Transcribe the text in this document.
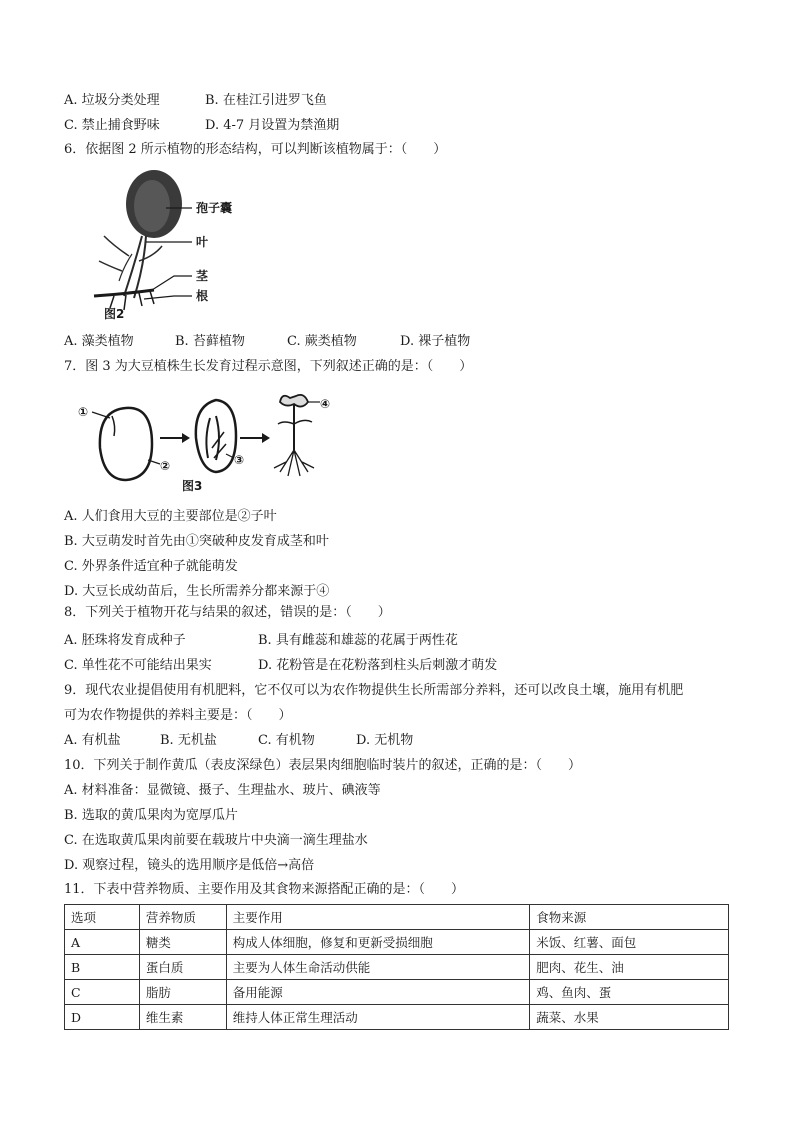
A. 垃圾分类处理	B. 在桂江引进罗飞鱼
C. 禁止捕食野味	D. 4-7 月设置为禁渔期
6．依据图 2 所示植物的形态结构，可以判断该植物属于：（　　）
孢子囊
叶
茎
根
图2
A. 藻类植物	B. 苔藓植物	C. 蕨类植物	D. 裸子植物
7．图 3 为大豆植株生长发育过程示意图，下列叙述正确的是：（　　）
①
②	③
④
图3
A. 人们食用大豆的主要部位是②子叶
B. 大豆萌发时首先由①突破种皮发育成茎和叶
C. 外界条件适宜种子就能萌发
D. 大豆长成幼苗后，生长所需养分都来源于④
8．下列关于植物开花与结果的叙述，错误的是：（　　）
A. 胚珠将发育成种子	B. 具有雌蕊和雄蕊的花属于两性花
C. 单性花不可能结出果实	D. 花粉管是在花粉落到柱头后刺激才萌发
9．现代农业提倡使用有机肥料，它不仅可以为农作物提供生长所需部分养料，还可以改良土壤，施用有机肥
可为农作物提供的养料主要是：（　　）
A. 有机盐	B. 无机盐	C. 有机物	D. 无机物
10．下列关于制作黄瓜（表皮深绿色）表层果肉细胞临时装片的叙述，正确的是：（　　）
A. 材料准备：显微镜、摄子、生理盐水、玻片、碘液等
B. 选取的黄瓜果肉为宽厚瓜片
C. 在选取黄瓜果肉前要在载玻片中央滴一滴生理盐水
D. 观察过程，镜头的选用顺序是低倍→高倍
11．下表中营养物质、主要作用及其食物来源搭配正确的是：（　　）
选项	营养物质	主要作用	食物来源
A	糖类	构成人体细胞，修复和更新受损细胞	米饭、红薯、面包
B	蛋白质	主要为人体生命活动供能	肥肉、花生、油
C	脂肪	备用能源	鸡、鱼肉、蛋
D	维生素	维持人体正常生理活动	蔬菜、水果
